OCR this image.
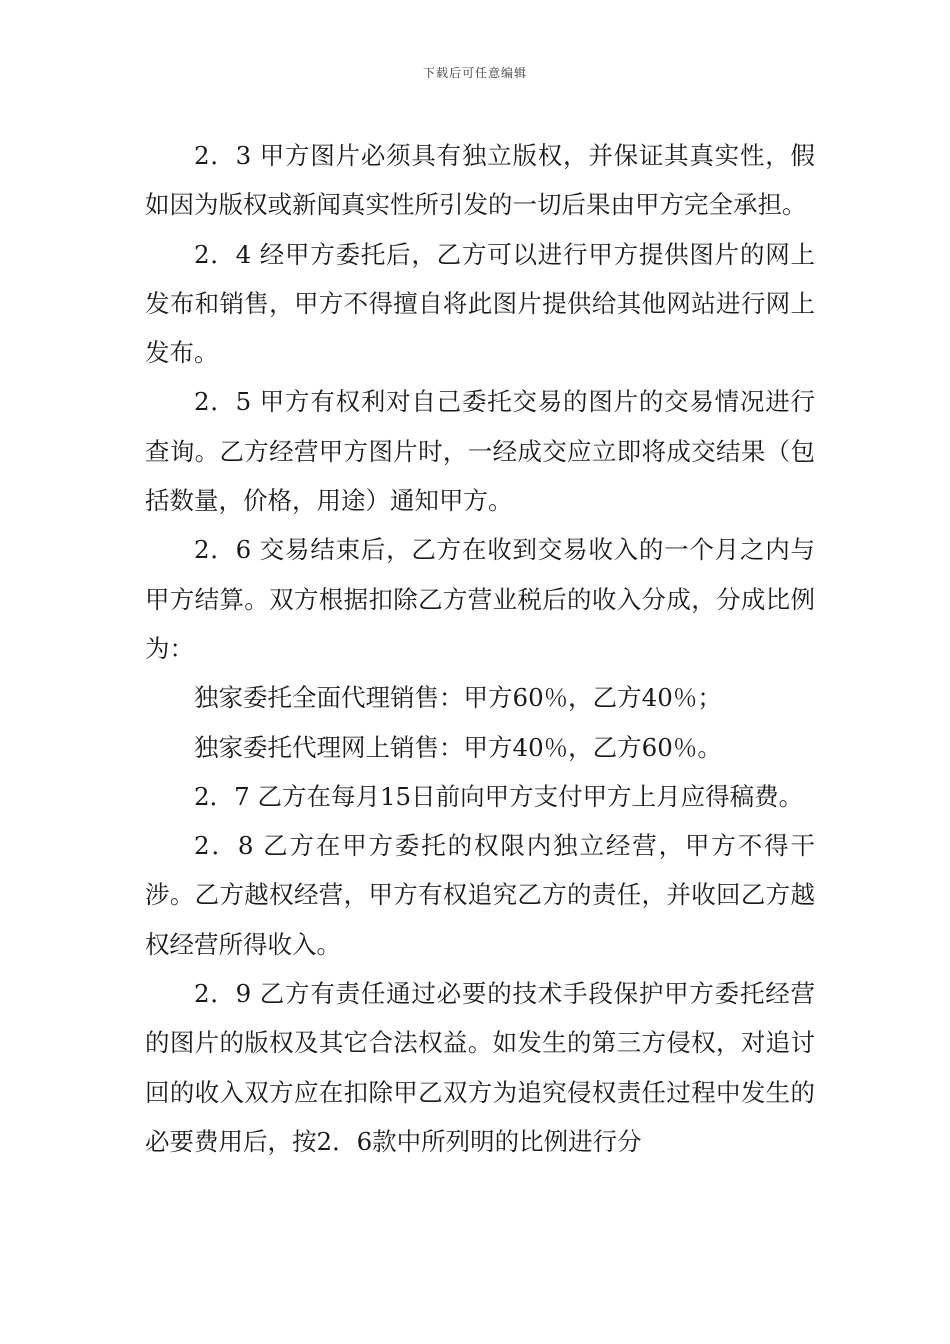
下载后可任意编辑

2．3 甲方图片必须具有独立版权，并保证其真实性，假如因为版权或新闻真实性所引发的一切后果由甲方完全承担。

2．4 经甲方委托后，乙方可以进行甲方提供图片的网上发布和销售，甲方不得擅自将此图片提供给其他网站进行网上发布。

2．5 甲方有权利对自己委托交易的图片的交易情况进行查询。乙方经营甲方图片时，一经成交应立即将成交结果（包括数量，价格，用途）通知甲方。

2．6 交易结束后，乙方在收到交易收入的一个月之内与甲方结算。双方根据扣除乙方营业税后的收入分成，分成比例为：

独家委托全面代理销售：甲方60％，乙方40％；

独家委托代理网上销售：甲方40％，乙方60％。

2．7 乙方在每月15日前向甲方支付甲方上月应得稿费。

2．8 乙方在甲方委托的权限内独立经营，甲方不得干涉。乙方越权经营，甲方有权追究乙方的责任，并收回乙方越权经营所得收入。

2．9 乙方有责任通过必要的技术手段保护甲方委托经营的图片的版权及其它合法权益。如发生的第三方侵权，对追讨回的收入双方应在扣除甲乙双方为追究侵权责任过程中发生的必要费用后，按2．6款中所列明的比例进行分
